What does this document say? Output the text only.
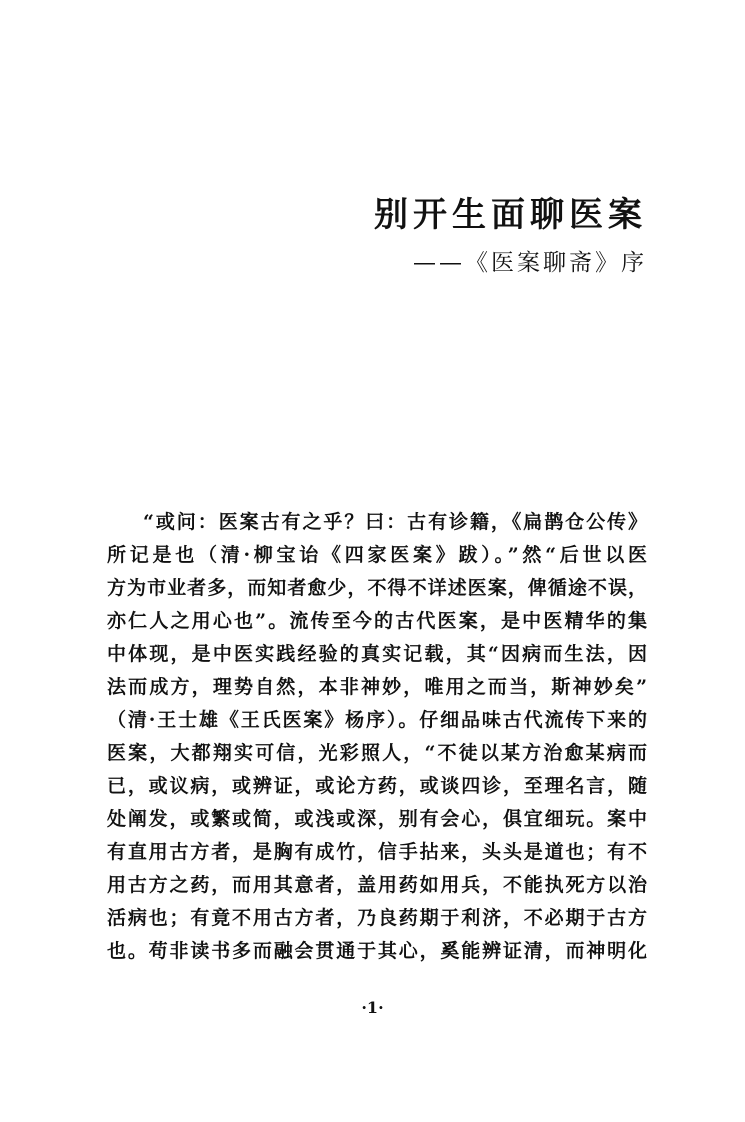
别开生面聊医案
——《医案聊斋》序
“或问：医案古有之乎？曰：古有诊籍，《扁鹊仓公传》
所记是也（清·柳宝诒《四家医案》跋）。”然“后世以医
方为市业者多，而知者愈少，不得不详述医案，俾循途不误，
亦仁人之用心也”。流传至今的古代医案，是中医精华的集
中体现，是中医实践经验的真实记载，其“因病而生法，因
法而成方，理势自然，本非神妙，唯用之而当，斯神妙矣”
（清·王士雄《王氏医案》杨序）。仔细品味古代流传下来的
医案，大都翔实可信，光彩照人，“不徒以某方治愈某病而
已，或议病，或辨证，或论方药，或谈四诊，至理名言，随
处阐发，或繁或简，或浅或深，别有会心，俱宜细玩。案中
有直用古方者，是胸有成竹，信手拈来，头头是道也；有不
用古方之药，而用其意者，盖用药如用兵，不能执死方以治
活病也；有竟不用古方者，乃良药期于利济，不必期于古方
也。苟非读书多而融会贯通于其心，奚能辨证清，而神明化
·1·
